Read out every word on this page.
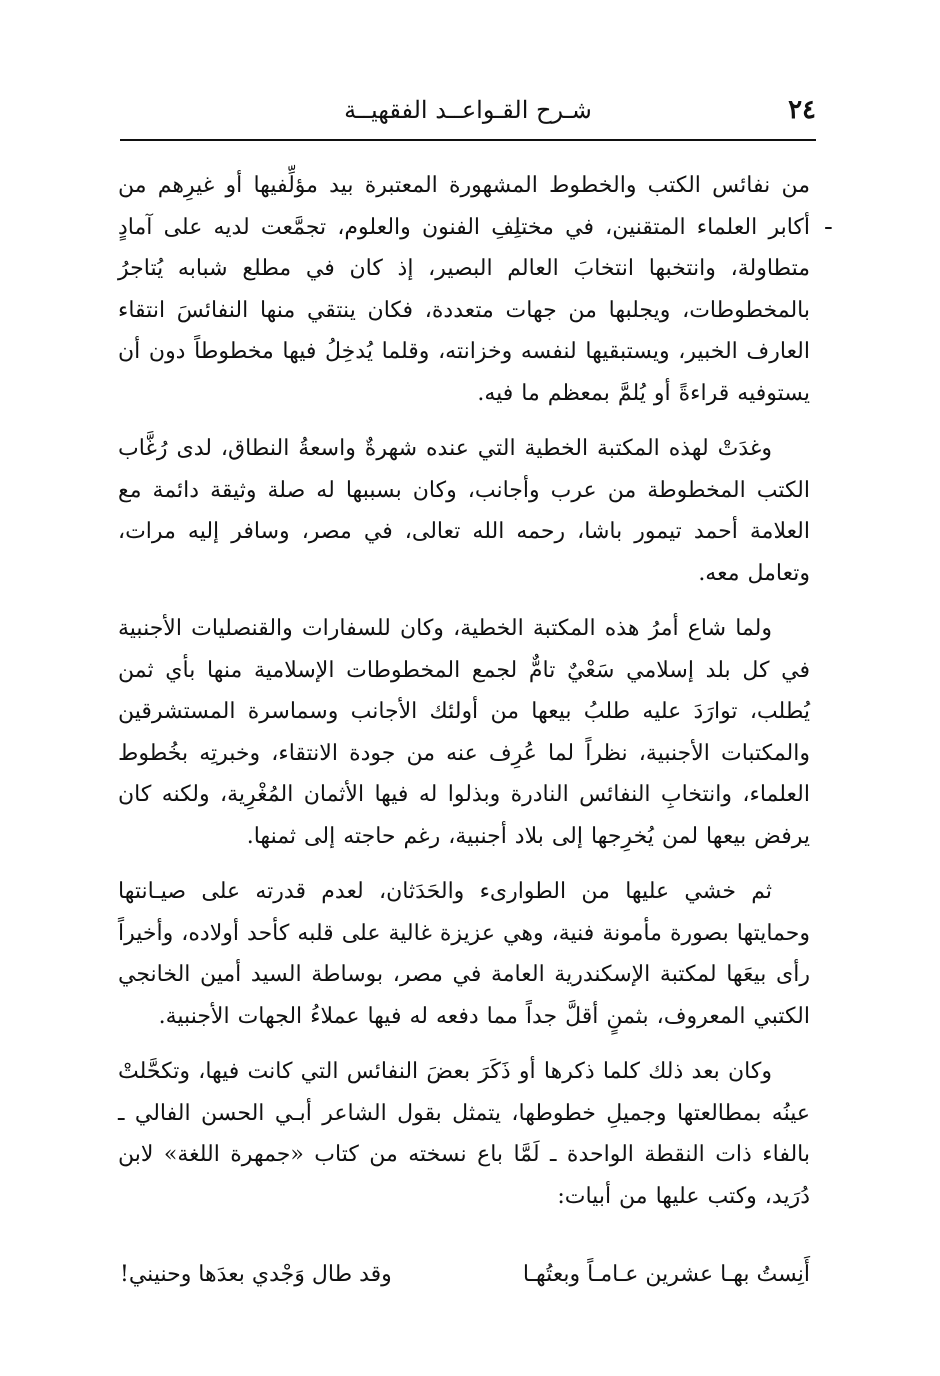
٢٤
شـرح القـواعــد الفقهيــة
-

من نفائس الكتب والخطوط المشهورة المعتبرة بيد مؤلِّفيها أو غيرِهم من أكابر العلماء المتقنين، في مختلِفِ الفنون والعلوم، تجمَّعت لديه على آمادٍ متطاولة، وانتخبها انتخابَ العالم البصير، إذ كان في مطلع شبابه يُتاجرُ بالمخطوطات، ويجلبها من جهات متعددة، فكان ينتقي منها النفائسَ انتقاء العارف الخبير، ويستبقيها لنفسه وخزانته، وقلما يُدخِلُ فيها مخطوطاً دون أن يستوفيه قراءةً أو يُلمَّ بمعظم ما فيه.

وغدَتْ لهذه المكتبة الخطية التي عنده شهرةٌ واسعةُ النطاق، لدى رُغَّاب الكتب المخطوطة من عرب وأجانب، وكان بسببها له صلة وثيقة دائمة مع العلامة أحمد تيمور باشا، رحمه الله تعالى، في مصر، وسافر إليه مرات، وتعامل معه.

ولما شاع أمرُ هذه المكتبة الخطية، وكان للسفارات والقنصليات الأجنبية في كل بلد إسلامي سَعْيٌ تامٌّ لجمع المخطوطات الإسلامية منها بأي ثمن يُطلب، توارَدَ عليه طلبُ بيعها من أولئك الأجانب وسماسرة المستشرقين والمكتبات الأجنبية، نظراً لما عُرِف عنه من جودة الانتقاء، وخبرتِه بخُطوط العلماء، وانتخابِ النفائس النادرة وبذلوا له فيها الأثمان المُغْرِية، ولكنه كان يرفض بيعها لمن يُخرِجها إلى بلاد أجنبية، رغم حاجته إلى ثمنها.

ثم خشي عليها من الطوارىء والحَدَثان، لعدم قدرته على صيـانتها وحمايتها بصورة مأمونة فنية، وهي عزيزة غالية على قلبه كأحد أولاده، وأخيراً رأى بيعَها لمكتبة الإسكندرية العامة في مصر، بوساطة السيد أمين الخانجي الكتبي المعروف، بثمنٍ أقلَّ جداً مما دفعه له فيها عملاءُ الجهات الأجنبية.

وكان بعد ذلك كلما ذكرها أو ذَكَرَ بعضَ النفائس التي كانت فيها، وتكحَّلتْ عينُه بمطالعتها وجميلِ خطوطها، يتمثل بقول الشاعر أبـي الحسن الفالي ـ بالفاء ذات النقطة الواحدة ـ لَمَّا باع نسخته من كتاب «جمهرة اللغة» لابن دُرَيد، وكتب عليها من أبيات:

أَنِستُ بهـا عشرين عـامـاً وبعتُهـا
وقد طال وَجْدي بعدَها وحنيني!
